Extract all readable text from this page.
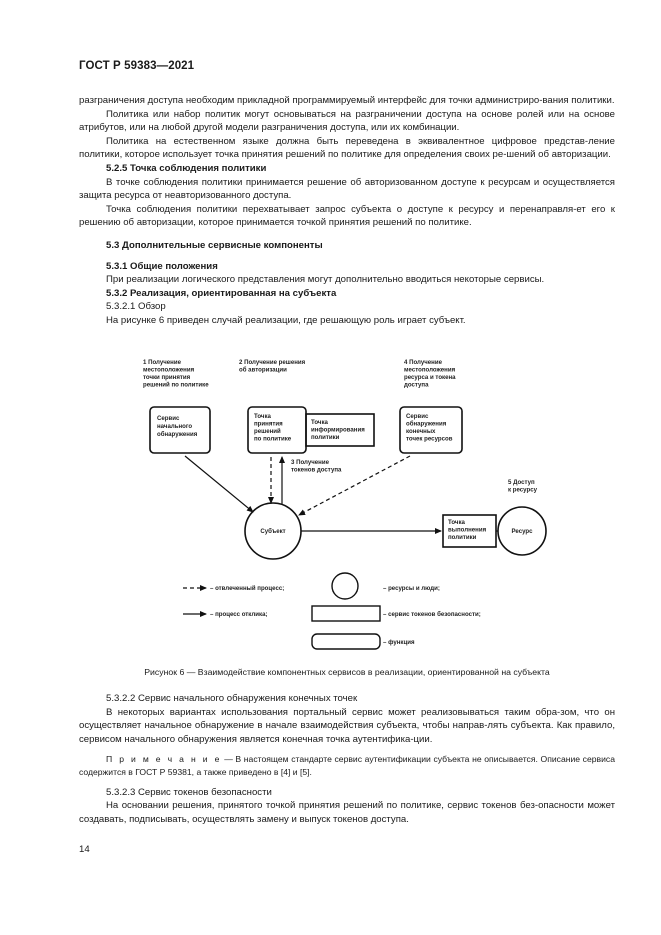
ГОСТ Р 59383—2021

разграничения доступа необходим прикладной программируемый интерфейс для точки администриро-вания политики.

Политика или набор политик могут основываться на разграничении доступа на основе ролей или на основе атрибутов, или на любой другой модели разграничения доступа, или их комбинации.

Политика на естественном языке должна быть переведена в эквивалентное цифровое представ-ление политики, которое использует точка принятия решений по политике для определения своих ре-шений об авторизации.

5.2.5 Точка соблюдения политики

В точке соблюдения политики принимается решение об авторизованном доступе к ресурсам и осуществляется защита ресурса от неавторизованного доступа.

Точка соблюдения политики перехватывает запрос субъекта о доступе к ресурсу и перенаправля-ет его к решению об авторизации, которое принимается точкой принятия решений по политике.

5.3 Дополнительные сервисные компоненты

5.3.1 Общие положения

При реализации логического представления могут дополнительно вводиться некоторые сервисы.

5.3.2 Реализация, ориентированная на субъекта

5.3.2.1 Обзор

На рисунке 6 приведен случай реализации, где решающую роль играет субъект.

1 Получение местоположения точки принятия решений по политике
2 Получение решения об авторизации
3 Получение токенов доступа
4 Получение местоположения ресурса и токена доступа
5 Доступ к ресурсу
Сервис начального обнаружения
Точка принятия решений по политике
Точка информирования политики
Сервис обнаружения конечных точек ресурсов
Точка выполнения политики
Субъект	Ресурс
– отвлеченный процесс;
– процесс отклика;
– ресурсы и люди;
– сервис токенов безопасности;
– функция
Рисунок 6 — Взаимодействие компонентных сервисов в реализации, ориентированной на субъекта

5.3.2.2 Сервис начального обнаружения конечных точек

В некоторых вариантах использования портальный сервис может реализовываться таким обра-зом, что он осуществляет начальное обнаружение в начале взаимодействия субъекта, чтобы направ-лять субъекта. Как правило, сервисом начального обнаружения является конечная точка аутентифика-ции.

П р и м е ч а н и е — В настоящем стандарте сервис аутентификации субъекта не описывается. Описание сервиса содержится в ГОСТ Р 59381, а также приведено в [4] и [5].

5.3.2.3 Сервис токенов безопасности

На основании решения, принятого точкой принятия решений по политике, сервис токенов без-опасности может создавать, подписывать, осуществлять замену и выпуск токенов доступа.

14
